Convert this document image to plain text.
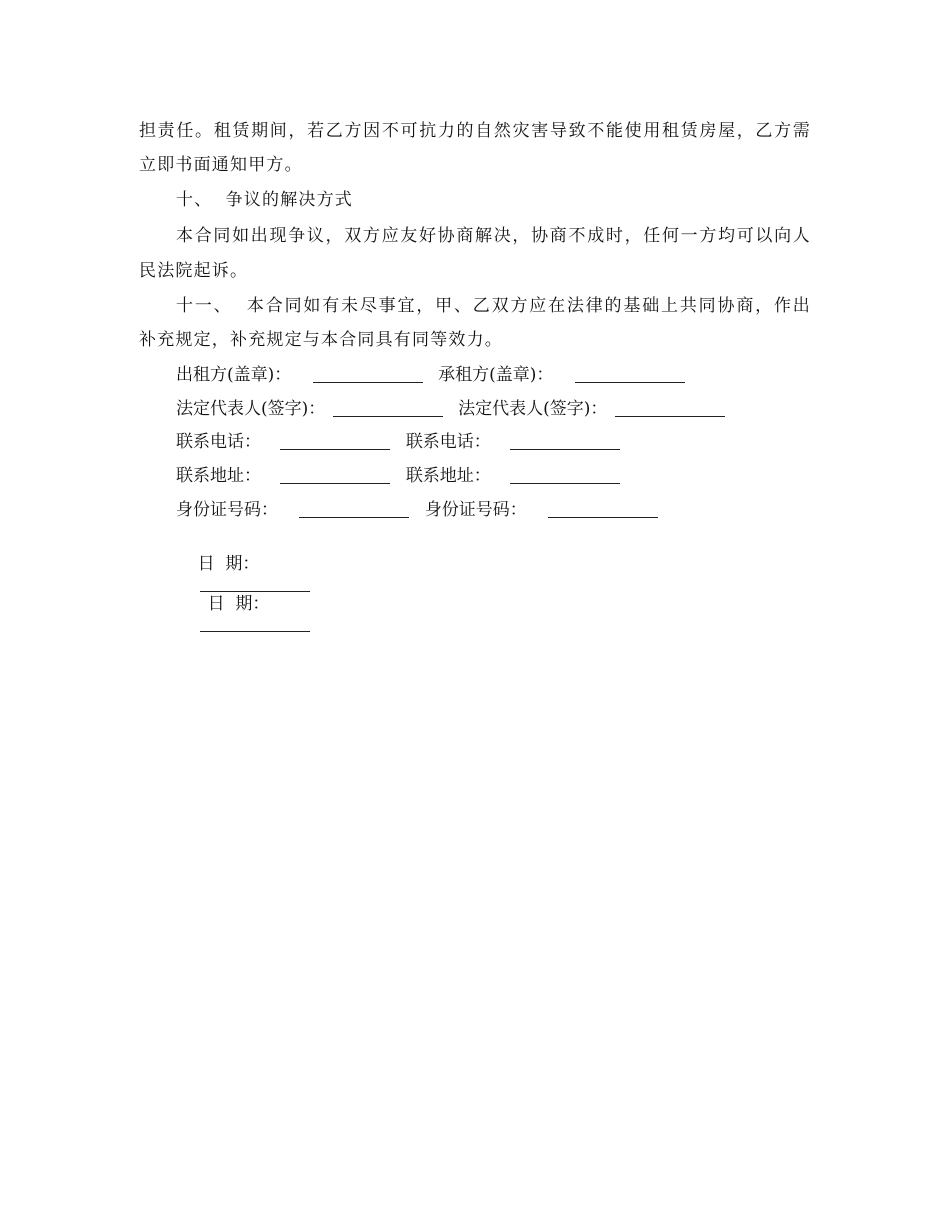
担责任。租赁期间，若乙方因不可抗力的自然灾害导致不能使用租赁房屋，乙方需
立即书面通知甲方。
十、  争议的解决方式
本合同如出现争议，双方应友好协商解决，协商不成时，任何一方均可以向人
民法院起诉。
十一、  本合同如有未尽事宜，甲、乙双方应在法律的基础上共同协商，作出
补充规定，补充规定与本合同具有同等效力。
出租方(盖章)：	承租方(盖章)：
法定代表人(签字)：	法定代表人(签字)：
联系电话：	联系电话：
联系地址：	联系地址：
身份证号码：	身份证号码：

日  期：

日  期：
